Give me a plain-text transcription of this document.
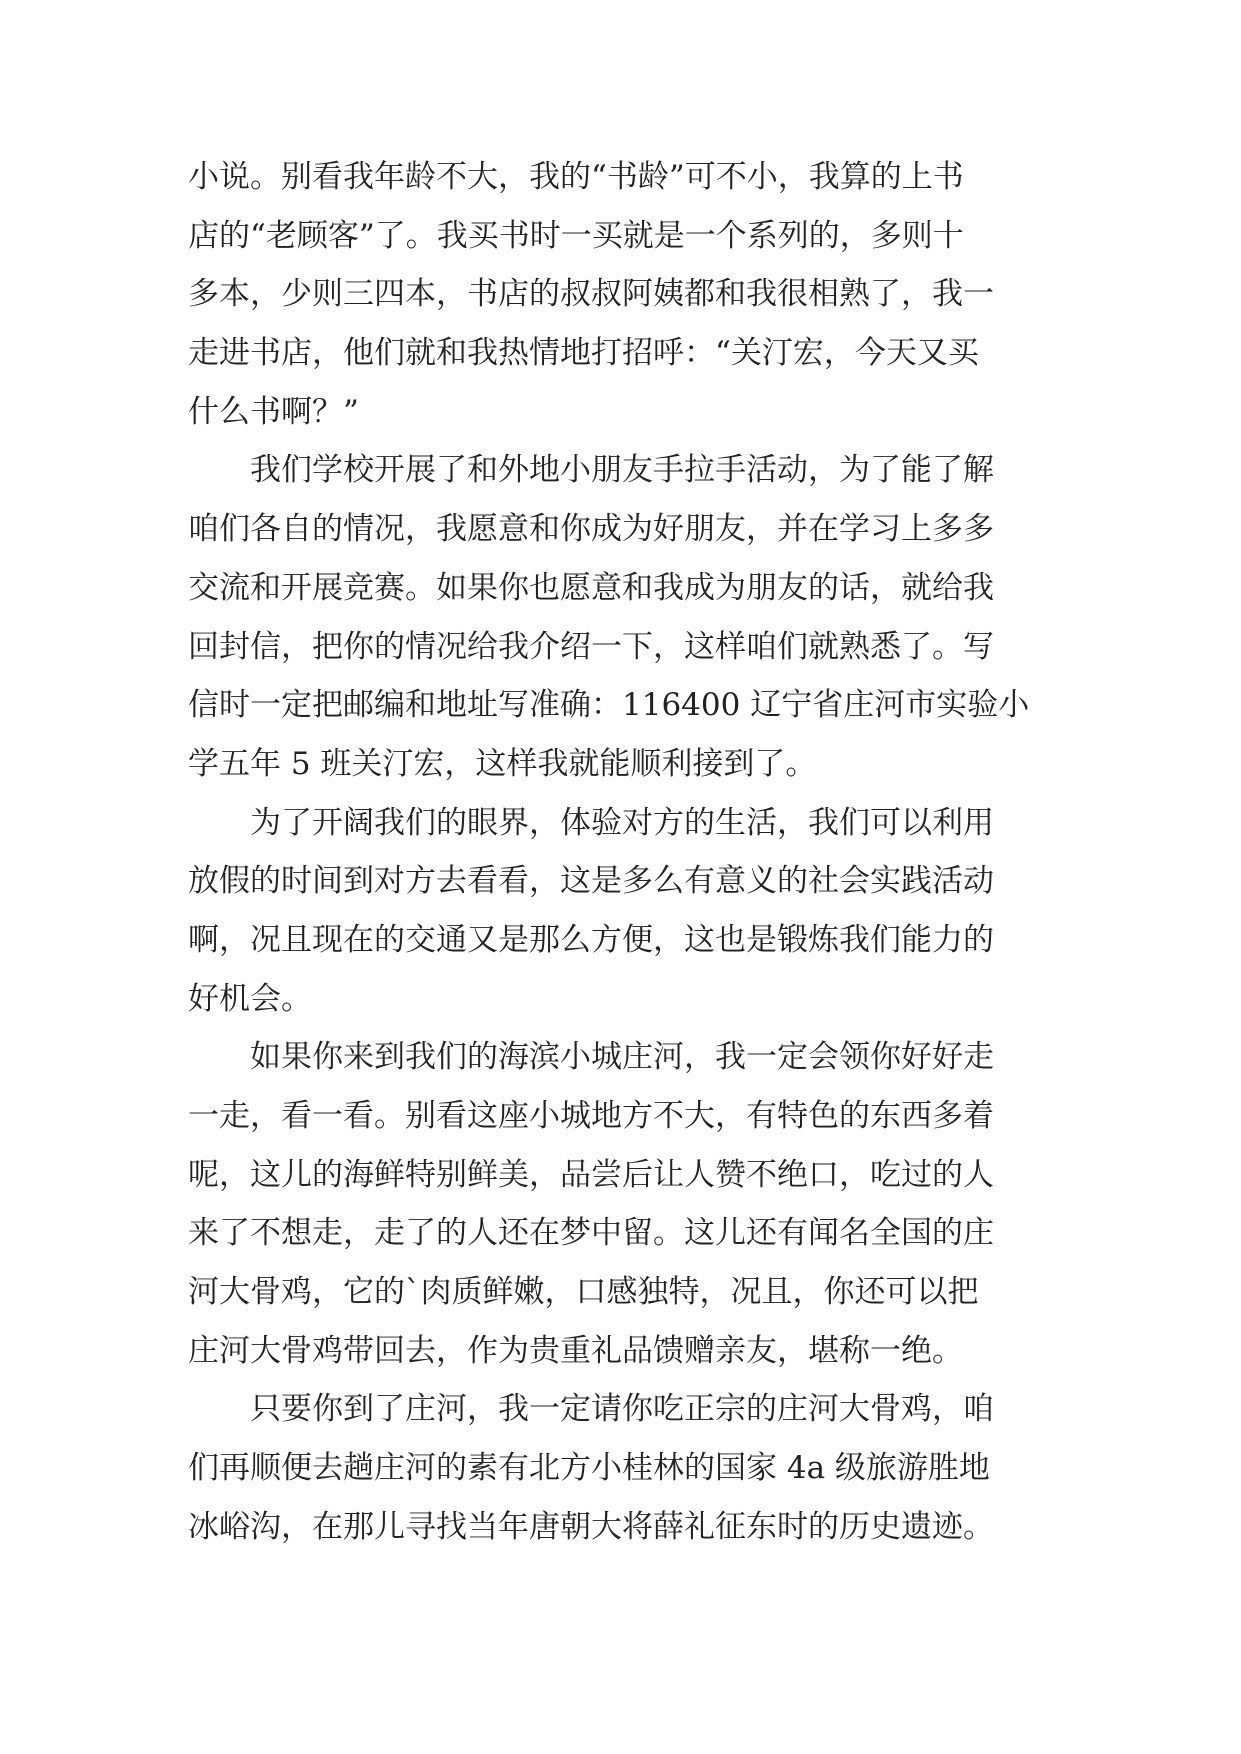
小说。别看我年龄不大，我的“书龄”可不小，我算的上书
店的“老顾客”了。我买书时一买就是一个系列的，多则十
多本，少则三四本，书店的叔叔阿姨都和我很相熟了，我一
走进书店，他们就和我热情地打招呼：“关汀宏，今天又买
什么书啊？”
我们学校开展了和外地小朋友手拉手活动，为了能了解
咱们各自的情况，我愿意和你成为好朋友，并在学习上多多
交流和开展竞赛。如果你也愿意和我成为朋友的话，就给我
回封信，把你的情况给我介绍一下，这样咱们就熟悉了。写
信时一定把邮编和地址写准确：116400 辽宁省庄河市实验小
学五年 5 班关汀宏，这样我就能顺利接到了。
为了开阔我们的眼界，体验对方的生活，我们可以利用
放假的时间到对方去看看，这是多么有意义的社会实践活动
啊，况且现在的交通又是那么方便，这也是锻炼我们能力的
好机会。
如果你来到我们的海滨小城庄河，我一定会领你好好走
一走，看一看。别看这座小城地方不大，有特色的东西多着
呢，这儿的海鲜特别鲜美，品尝后让人赞不绝口，吃过的人
来了不想走，走了的人还在梦中留。这儿还有闻名全国的庄
河大骨鸡，它的`肉质鲜嫩，口感独特，况且，你还可以把
庄河大骨鸡带回去，作为贵重礼品馈赠亲友，堪称一绝。
只要你到了庄河，我一定请你吃正宗的庄河大骨鸡，咱
们再顺便去趟庄河的素有北方小桂林的国家 4a 级旅游胜地
冰峪沟，在那儿寻找当年唐朝大将薛礼征东时的历史遗迹。
